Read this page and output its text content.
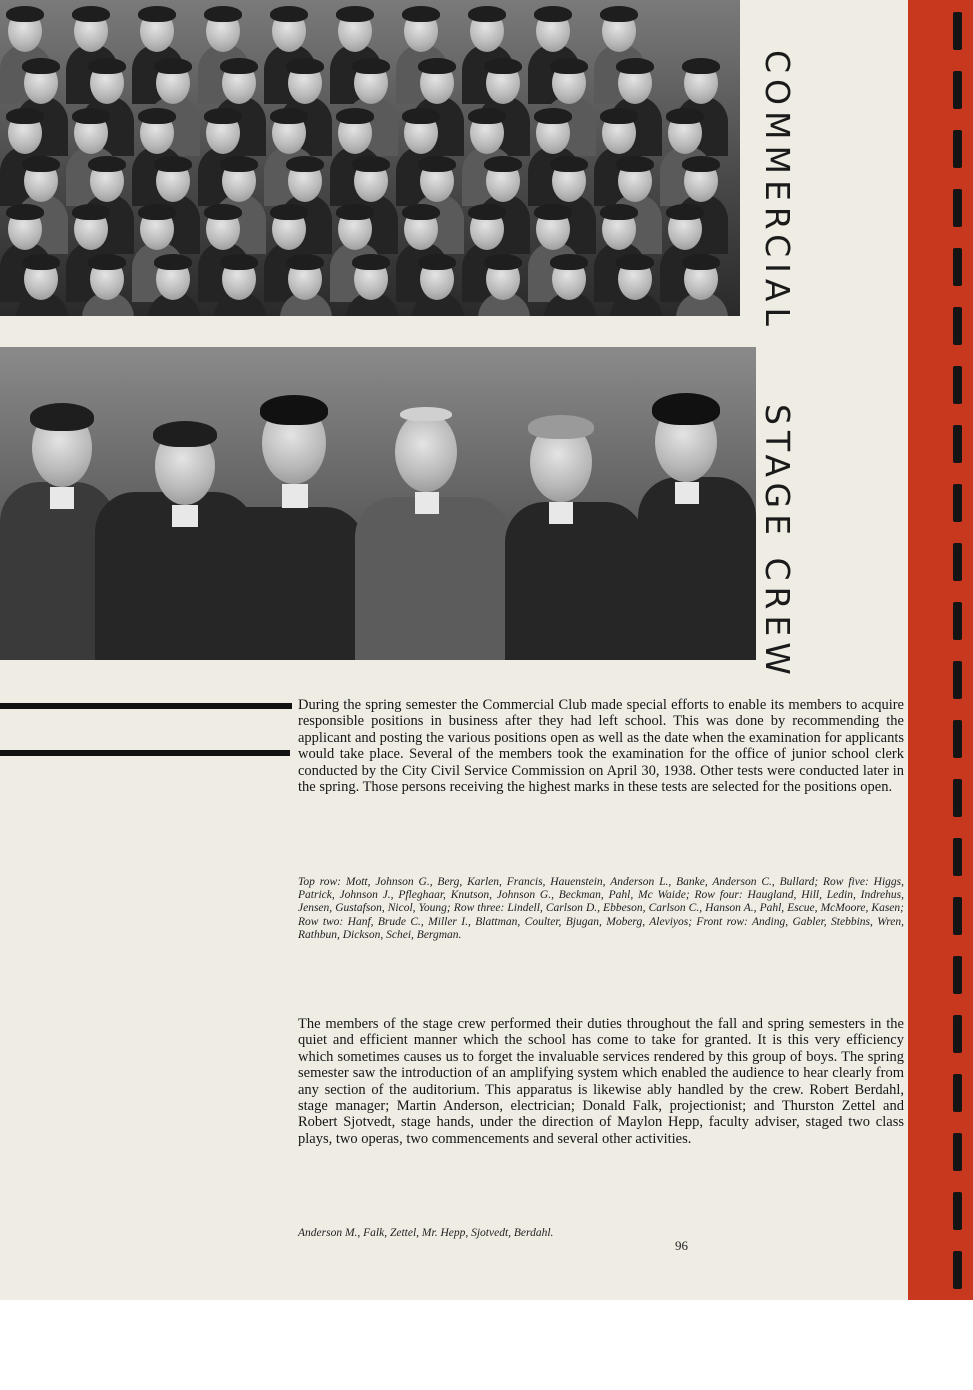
COMMERCIAL
STAGE CREW

During the spring semester the Commercial Club made special efforts to enable its members to acquire responsible positions in business after they had left school. This was done by recommending the applicant and posting the various positions open as well as the date when the examination for applicants would take place. Several of the members took the examination for the office of junior school clerk conducted by the City Civil Service Commission on April 30, 1938. Other tests were conducted later in the spring. Those persons receiving the highest marks in these tests are selected for the positions open.

Top row: Mott, Johnson G., Berg, Karlen, Francis, Hauenstein, Anderson L., Banke, Anderson C., Bullard; Row five: Higgs, Patrick, Johnson J., Pfleghaar, Knutson, Johnson G., Beckman, Pahl, Mc Waide; Row four: Haugland, Hill, Ledin, Indrehus, Jensen, Gustafson, Nicol, Young; Row three: Lindell, Carlson D., Ebbeson, Carlson C., Hanson A., Pahl, Escue, McMoore, Kasen; Row two: Hanf, Brude C., Miller I., Blattman, Coulter, Bjugan, Moberg, Aleviyos; Front row: Anding, Gabler, Stebbins, Wren, Rathbun, Dickson, Schei, Bergman.

The members of the stage crew performed their duties throughout the fall and spring semesters in the quiet and efficient manner which the school has come to take for granted. It is this very efficiency which sometimes causes us to forget the invaluable services rendered by this group of boys. The spring semester saw the introduction of an amplifying system which enabled the audience to hear clearly from any section of the auditorium. This apparatus is likewise ably handled by the crew. Robert Berdahl, stage manager; Martin Anderson, electrician; Donald Falk, projectionist; and Thurston Zettel and Robert Sjotvedt, stage hands, under the direction of Maylon Hepp, faculty adviser, staged two class plays, two operas, two commencements and several other activities.

Anderson M., Falk, Zettel, Mr. Hepp, Sjotvedt, Berdahl.

96
